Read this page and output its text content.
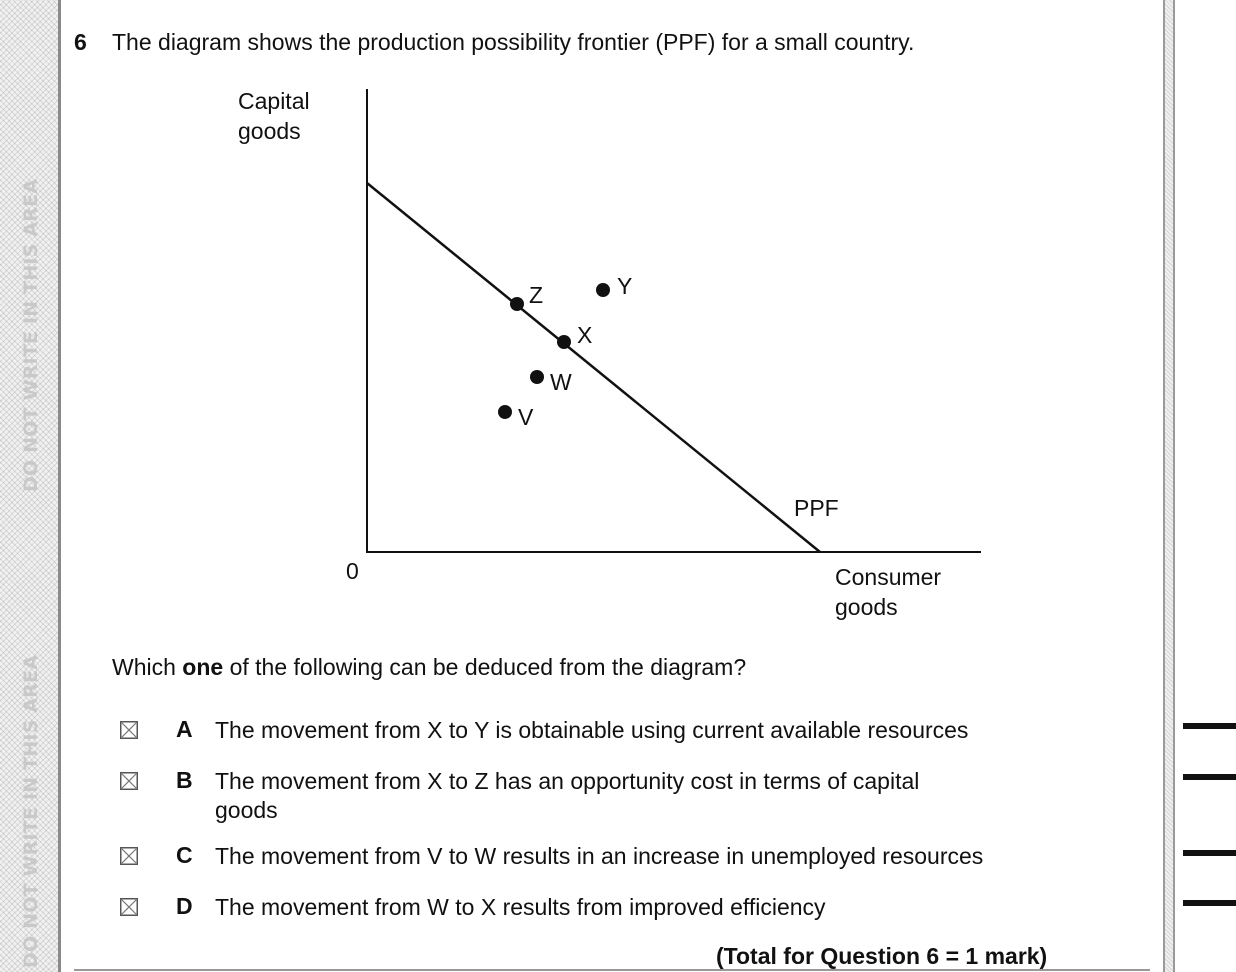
DO NOT WRITE IN THIS AREA
DO NOT WRITE IN THIS AREA
6 The diagram shows the production possibility frontier (PPF) for a small country.
Capital
goods
Consumer
goods
0
PPF
Z	Y
X
W
V
Which one of the following can be deduced from the diagram?
A The movement from X to Y is obtainable using current available resources
B The movement from X to Z has an opportunity cost in terms of capital goods
C The movement from V to W results in an increase in unemployed resources
D The movement from W to X results from improved efficiency
(Total for Question 6 = 1 mark)
